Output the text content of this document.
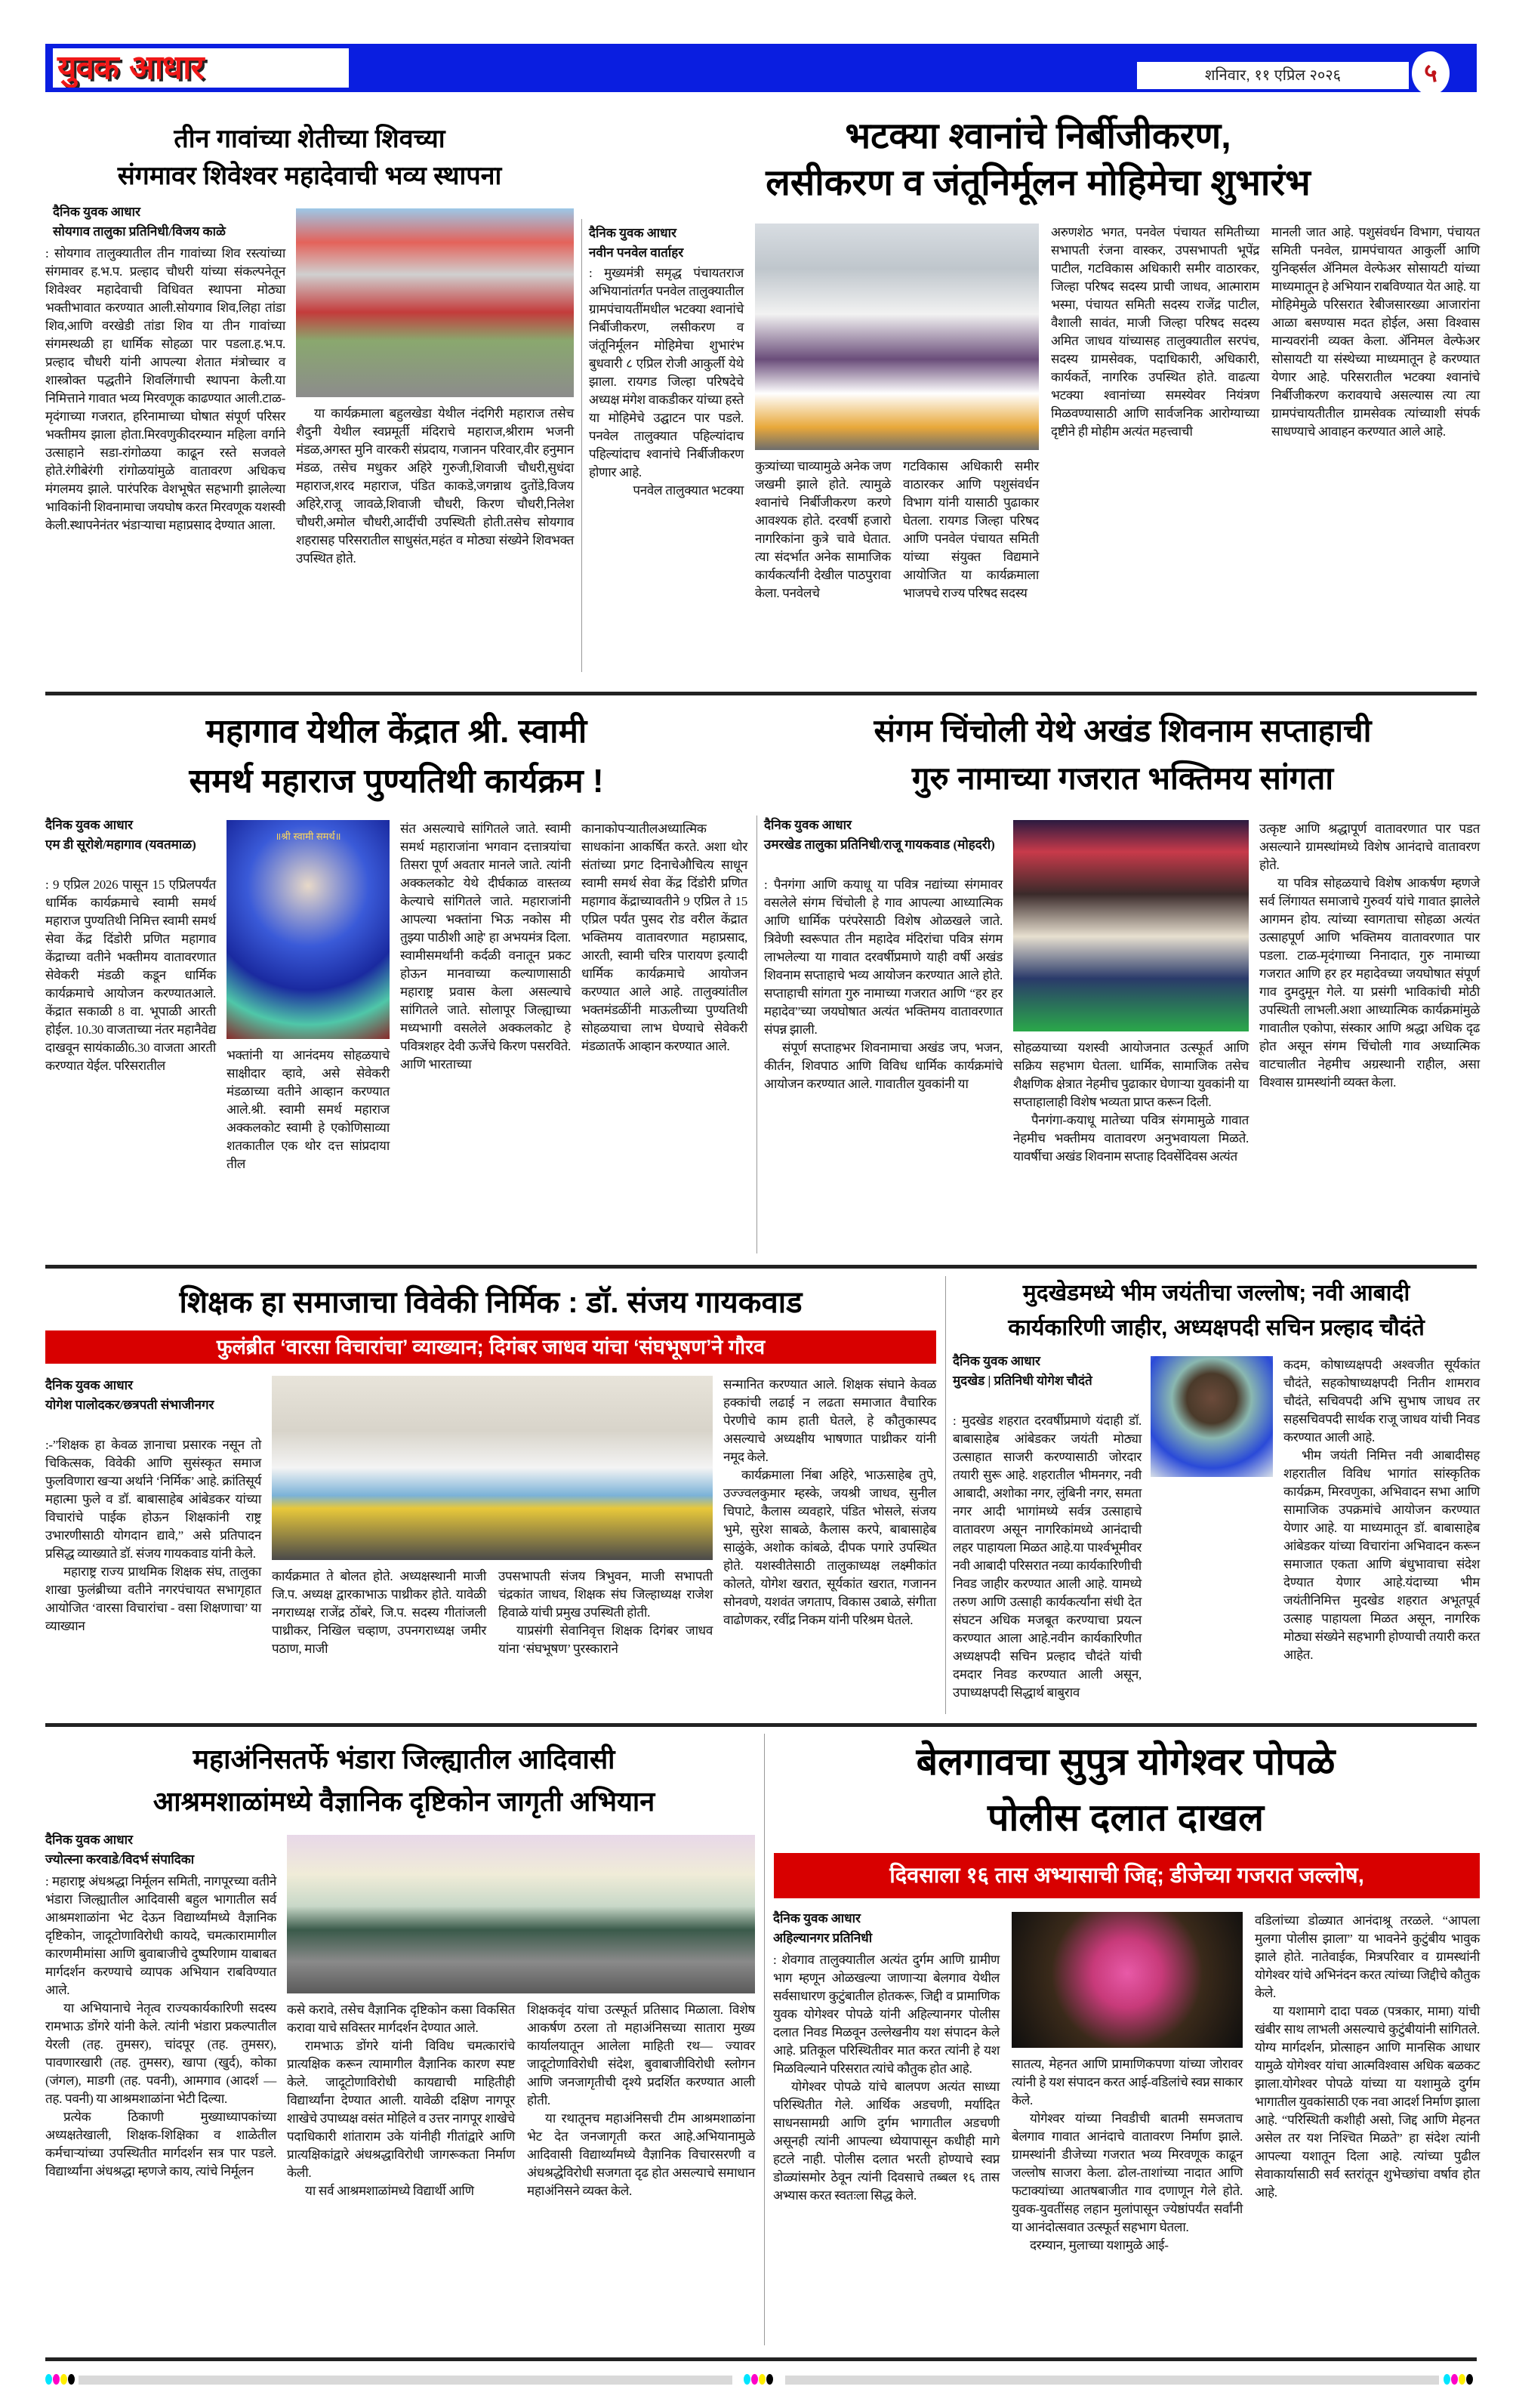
युवक आधार	शनिवार, ११ एप्रिल २०२६	५
तीन गावांच्या शेतीच्या शिवच्या
संगमावर शिवेश्वर महादेवाची भव्य स्थापना
दैनिक युवक आधार
सोयगाव तालुका प्रतिनिधी/विजय काळे

: सोयगाव तालुक्यातील तीन गावांच्या शिव रस्त्यांच्या संगमावर ह.भ.प. प्रल्हाद चौधरी यांच्या संकल्पनेतून शिवेश्वर महादेवाची विधिवत स्थापना मोठ्या भक्तीभावात करण्यात आली.सोयगाव शिव,लिहा तांडा शिव,आणि वरखेडी तांडा शिव या तीन गावांच्या संगमस्थळी हा धार्मिक सोहळा पार पडला.ह.भ.प. प्रल्हाद चौधरी यांनी आपल्या शेतात मंत्रोच्चार व शास्त्रोक्त पद्धतीने शिवलिंगाची स्थापना केली.या निमित्ताने गावात भव्य मिरवणूक काढण्यात आली.टाळ-मृदंगाच्या गजरात, हरिनामाच्या घोषात संपूर्ण परिसर भक्तीमय झाला होता.मिरवणुकीदरम्यान महिला वर्गाने उत्साहाने सडा-रांगोळया काढून रस्ते सजवले होते.रंगीबेरंगी रांगोळयांमुळे वातावरण अधिकच मंगलमय झाले. पारंपरिक वेशभूषेत सहभागी झालेल्या भाविकांनी शिवनामाचा जयघोष करत मिरवणूक यशस्वी केली.स्थापनेनंतर भंडाऱ्याचा महाप्रसाद देण्यात आला.

या कार्यक्रमाला बहुलखेडा येथील नंदगिरी महाराज तसेच शैदुनी येथील स्वप्नमूर्ती मंदिराचे महाराज,श्रीराम भजनी मंडळ,अगस्त मुनि वारकरी संप्रदाय, गजानन परिवार,वीर हनुमान मंडळ, तसेच मधुकर अहिरे गुरुजी,शिवाजी चौधरी,सुधंदा महाराज,शरद महाराज, पंडित काकडे,जगन्नाथ दुतोंडे,विजय अहिरे,राजू जावळे,शिवाजी चौधरी, किरण चौधरी,निलेश चौधरी,अमोल चौधरी,आदींची उपस्थिती होती.तसेच सोयगाव शहरासह परिसरातील साधुसंत,महंत व मोठ्या संख्येने शिवभक्त उपस्थित होते.

भटक्या श्वानांचे निर्बीजीकरण,
लसीकरण व जंतूनिर्मूलन मोहिमेचा शुभारंभ
दैनिक युवक आधार
नवीन पनवेल वार्ताहर

: मुख्यमंत्री समृद्ध पंचायतराज अभियानांतर्गत पनवेल तालुक्यातील ग्रामपंचायतींमधील भटक्या श्वानांचे निर्बीजीकरण, लसीकरण व जंतूनिर्मूलन मोहिमेचा शुभारंभ बुधवारी ८ एप्रिल रोजी आकुर्ली येथे झाला. रायगड जिल्हा परिषदेचे अध्यक्ष मंगेश वाकडीकर यांच्या हस्ते या मोहिमेचे उद्घाटन पार पडले. पनवेल तालुक्यात पहिल्यांदाच पहिल्यांदाच श्वानांचे निर्बीजीकरण होणार आहे.

पनवेल तालुक्यात भटक्या

कुत्र्यांच्या चाव्यामुळे अनेक जण जखमी झाले होते. त्यामुळे श्वानांचे निर्बीजीकरण करणे आवश्यक होते. दरवर्षी हजारो नागरिकांना कुत्रे चावे घेतात. त्या संदर्भात अनेक सामाजिक कार्यकर्त्यांनी देखील पाठपुरावा केला. पनवेलचे

गटविकास अधिकारी समीर वाठारकर आणि पशुसंवर्धन विभाग यांनी यासाठी पुढाकार घेतला. रायगड जिल्हा परिषद आणि पनवेल पंचायत समिती यांच्या संयुक्त विद्यमाने आयोजित या कार्यक्रमाला भाजपचे राज्य परिषद सदस्य

अरुणशेठ भगत, पनवेल पंचायत समितीच्या सभापती रंजना वास्कर, उपसभापती भूपेंद्र पाटील, गटविकास अधिकारी समीर वाठारकर, जिल्हा परिषद सदस्य प्राची जाधव, आत्माराम भस्मा, पंचायत समिती सदस्य राजेंद्र पाटील, वैशाली सावंत, माजी जिल्हा परिषद सदस्य अमित जाधव यांच्यासह तालुक्यातील सरपंच, सदस्य ग्रामसेवक, पदाधिकारी, अधिकारी, कार्यकर्ते, नागरिक उपस्थित होते. वाढत्या भटक्या श्वानांच्या समस्येवर नियंत्रण मिळवण्यासाठी आणि सार्वजनिक आरोग्याच्या दृष्टीने ही मोहीम अत्यंत महत्त्वाची

मानली जात आहे. पशुसंवर्धन विभाग, पंचायत समिती पनवेल, ग्रामपंचायत आकुर्ली आणि युनिव्हर्सल ॲनिमल वेल्फेअर सोसायटी यांच्या माध्यमातून हे अभियान राबविण्यात येत आहे. या मोहिमेमुळे परिसरात रेबीजसारख्या आजारांना आळा बसण्यास मदत होईल, असा विश्वास मान्यवरांनी व्यक्त केला. ॲनिमल वेल्फेअर सोसायटी या संस्थेच्या माध्यमातून हे करण्यात येणार आहे. परिसरातील भटक्या श्वानांचे निर्बीजीकरण करावयाचे असल्यास त्या त्या ग्रामपंचायतीतील ग्रामसेवक त्यांच्याशी संपर्क साधण्याचे आवाहन करण्यात आले आहे.

महागाव येथील केंद्रात श्री. स्वामी
समर्थ महाराज पुण्यतिथी कार्यक्रम !
दैनिक युवक आधार
एम डी सूरोशे/महागाव (यवतमाळ)

: 9 एप्रिल 2026 पासून 15 एप्रिलपर्यंत धार्मिक कार्यक्रमाचे स्वामी समर्थ महाराज पुण्यतिथी निमित्त स्वामी समर्थ सेवा केंद्र दिंडोरी प्रणित महागाव केंद्राच्या वतीने भक्तीमय वातावरणात सेवेकरी मंडळी कडून धार्मिक कार्यक्रमाचे आयोजन करण्यातआले. केंद्रात सकाळी 8 वा. भूपाळी आरती होईल. 10.30 वाजताच्या नंतर महानैवेद्य दाखवून सायंकाळी6.30 वाजता आरती करण्यात येईल. परिसरातील

॥श्री स्वामी समर्थ॥

भक्तांनी या आनंदमय सोहळयाचे साक्षीदार व्हावे, असे सेवेकरी मंडळाच्या वतीने आव्हान करण्यात आले.श्री. स्वामी समर्थ महाराज अक्कलकोट स्वामी हे एकोणिसाव्या शतकातील एक थोर दत्त सांप्रदाया तील

संत असल्याचे सांगितले जाते. स्वामी समर्थ महाराजांना भगवान दत्तात्रयांचा तिसरा पूर्ण अवतार मानले जाते. त्यांनी अक्कलकोट येथे दीर्घकाळ वास्तव्य केल्याचे सांगितले जाते. महाराजांनी आपल्या भक्तांना भिऊ नकोस मी तुझ्या पाठीशी आहे' हा अभयमंत्र दिला. स्वामीसमर्थांनी कर्दळी वनातून प्रकट होऊन मानवाच्या कल्याणासाठी महाराष्ट्र प्रवास केला असल्याचे सांगितले जाते. सोलापूर जिल्ह्याच्या मध्यभागी वसलेले अक्कलकोट हे पवित्रशहर देवी ऊर्जेचे किरण पसरविते. आणि भारताच्या

कानाकोपऱ्यातीलअध्यात्मिक साधकांना आकर्षित करते. अशा थोर संतांच्या प्रगट दिनाचेऔचित्य साधून स्वामी समर्थ सेवा केंद्र दिंडोरी प्रणित महागाव केंद्राच्यावतीने 9 एप्रिल ते 15 एप्रिल पर्यंत पुसद रोड वरील केंद्रात भक्तिमय वातावरणात महाप्रसाद, आरती, स्वामी चरित्र पारायण इत्यादी धार्मिक कार्यक्रमाचे आयोजन करण्यात आले आहे. तालुक्यांतील भक्तमंडळींनी माऊलीच्या पुण्यतिथी सोहळयाचा लाभ घेण्याचे सेवेकरी मंडळातर्फे आव्हान करण्यात आले.

संगम चिंचोली येथे अखंड शिवनाम सप्ताहाची
गुरु नामाच्या गजरात भक्तिमय सांगता
दैनिक युवक आधार
उमरखेड तालुका प्रतिनिधी/राजू गायकवाड (मोहदरी)

: पैनगंगा आणि कयाधू या पवित्र नद्यांच्या संगमावर वसलेले संगम चिंचोली हे गाव आपल्या आध्यात्मिक आणि धार्मिक परंपरेसाठी विशेष ओळखले जाते. त्रिवेणी स्वरूपात तीन महादेव मंदिरांचा पवित्र संगम लाभलेल्या या गावात दरवर्षीप्रमाणे याही वर्षी अखंड शिवनाम सप्ताहाचे भव्य आयोजन करण्यात आले होते. सप्ताहाची सांगता गुरु नामाच्या गजरात आणि “हर हर महादेव”च्या जयघोषात अत्यंत भक्तिमय वातावरणात संपन्न झाली.

संपूर्ण सप्ताहभर शिवनामाचा अखंड जप, भजन, कीर्तन, शिवपाठ आणि विविध धार्मिक कार्यक्रमांचे आयोजन करण्यात आले. गावातील युवकांनी या

सोहळयाच्या यशस्वी आयोजनात उत्स्फूर्त आणि सक्रिय सहभाग घेतला. धार्मिक, सामाजिक तसेच शैक्षणिक क्षेत्रात नेहमीच पुढाकार घेणाऱ्या युवकांनी या सप्ताहालाही विशेष भव्यता प्राप्त करून दिली.

पैनगंगा-कयाधू मातेच्या पवित्र संगमामुळे गावात नेहमीच भक्तीमय वातावरण अनुभवायला मिळते. यावर्षीचा अखंड शिवनाम सप्ताह दिवसेंदिवस अत्यंत

उत्कृष्ट आणि श्रद्धापूर्ण वातावरणात पार पडत असल्याने ग्रामस्थांमध्ये विशेष आनंदाचे वातावरण होते.

या पवित्र सोहळयाचे विशेष आकर्षण म्हणजे सर्व लिंगायत समाजाचे गुरुवर्य यांचे गावात झालेले आगमन होय. त्यांच्या स्वागताचा सोहळा अत्यंत उत्साहपूर्ण आणि भक्तिमय वातावरणात पार पडला. टाळ-मृदंगाच्या निनादात, गुरु नामाच्या गजरात आणि हर हर महादेवच्या जयघोषात संपूर्ण गाव दुमदुमून गेले. या प्रसंगी भाविकांची मोठी उपस्थिती लाभली.अशा आध्यात्मिक कार्यक्रमांमुळे गावातील एकोपा, संस्कार आणि श्रद्धा अधिक दृढ होत असून संगम चिंचोली गाव अध्यात्मिक वाटचालीत नेहमीच अग्रस्थानी राहील, असा विश्वास ग्रामस्थांनी व्यक्त केला.

शिक्षक हा समाजाचा विवेकी निर्मिक : डॉ. संजय गायकवाड
फुलंब्रीत ‘वारसा विचारांचा’ व्याख्यान; दिगंबर जाधव यांचा ‘संघभूषण’ने गौरव
दैनिक युवक आधार
योगेश पालोदकर/छत्रपती संभाजीनगर

:-”शिक्षक हा केवळ ज्ञानाचा प्रसारक नसून तो चिकित्सक, विवेकी आणि सुसंस्कृत समाज फुलविणारा खऱ्या अर्थाने ‘निर्मिक’ आहे. क्रांतिसूर्य महात्मा फुले व डॉ. बाबासाहेब आंबेडकर यांच्या विचारांचे पाईक होऊन शिक्षकांनी राष्ट्र उभारणीसाठी योगदान द्यावे,” असे प्रतिपादन प्रसिद्ध व्याख्याते डॉ. संजय गायकवाड यांनी केले.

महाराष्ट्र राज्य प्राथमिक शिक्षक संघ, तालुका शाखा फुलंब्रीच्या वतीने नगरपंचायत सभागृहात आयोजित ‘वारसा विचारांचा - वसा शिक्षणाचा’ या व्याख्यान

कार्यक्रमात ते बोलत होते. अध्यक्षस्थानी माजी जि.प. अध्यक्ष द्वारकाभाऊ पाथ्रीकर होते. यावेळी नगराध्यक्ष राजेंद्र ठोंबरे, जि.प. सदस्य गीतांजली पाथ्रीकर, निखिल चव्हाण, उपनगराध्यक्ष जमीर पठाण, माजी

उपसभापती संजय त्रिभुवन, माजी सभापती चंद्रकांत जाधव, शिक्षक संघ जिल्हाध्यक्ष राजेश हिवाळे यांची प्रमुख उपस्थिती होती.

याप्रसंगी सेवानिवृत्त शिक्षक दिगंबर जाधव यांना ‘संघभूषण’ पुरस्काराने

सन्मानित करण्यात आले. शिक्षक संघाने केवळ हक्कांची लढाई न लढता समाजात वैचारिक पेरणीचे काम हाती घेतले, हे कौतुकास्पद असल्याचे अध्यक्षीय भाषणात पाथ्रीकर यांनी नमूद केले.

कार्यक्रमाला निंबा अहिरे, भाऊसाहेब तुपे, उज्ज्वलकुमार म्हस्के, जयश्री जाधव, सुनील चिपाटे, कैलास व्यवहारे, पंडित भोसले, संजय भुमे, सुरेश साबळे, कैलास करपे, बाबासाहेब साळुंके, अशोक कांबळे, दीपक पगारे उपस्थित होते. यशस्वीतेसाठी तालुकाध्यक्ष लक्ष्मीकांत कोलते, योगेश खरात, सूर्यकांत खरात, गजानन सोनवणे, यशवंत जगताप, विकास उबाळे, संगीता वाढोणकर, रवींद्र निकम यांनी परिश्रम घेतले.

मुदखेडमध्ये भीम जयंतीचा जल्लोष; नवी आबादी
कार्यकारिणी जाहीर, अध्यक्षपदी सचिन प्रल्हाद चौदंते
दैनिक युवक आधार
मुदखेड | प्रतिनिधी योगेश चौदंते

: मुदखेड शहरात दरवर्षीप्रमाणे यंदाही डॉ. बाबासाहेब आंबेडकर जयंती मोठ्या उत्साहात साजरी करण्यासाठी जोरदार तयारी सुरू आहे. शहरातील भीमनगर, नवी आबादी, अशोका नगर, लुंबिनी नगर, समता नगर आदी भागांमध्ये सर्वत्र उत्साहाचे वातावरण असून नागरिकांमध्ये आनंदाची लहर पाहायला मिळत आहे.या पार्श्वभूमीवर नवी आबादी परिसरात नव्या कार्यकारिणीची निवड जाहीर करण्यात आली आहे. यामध्ये तरुण आणि उत्साही कार्यकर्त्यांना संधी देत संघटन अधिक मजबूत करण्याचा प्रयत्न करण्यात आला आहे.नवीन कार्यकारिणीत अध्यक्षपदी सचिन प्रल्हाद चौदंते यांची दमदार निवड करण्यात आली असून, उपाध्यक्षपदी सिद्धार्थ बाबुराव

कदम, कोषाध्यक्षपदी अश्वजीत सूर्यकांत चौदंते, सहकोषाध्यक्षपदी नितीन शामराव चौदंते, सचिवपदी अभि सुभाष जाधव तर सहसचिवपदी सार्थक राजू जाधव यांची निवड करण्यात आली आहे.

भीम जयंती निमित्त नवी आबादीसह शहरातील विविध भागांत सांस्कृतिक कार्यक्रम, मिरवणुका, अभिवादन सभा आणि सामाजिक उपक्रमांचे आयोजन करण्यात येणार आहे. या माध्यमातून डॉ. बाबासाहेब आंबेडकर यांच्या विचारांना अभिवादन करून समाजात एकता आणि बंधुभावाचा संदेश देण्यात येणार आहे.यंदाच्या भीम जयंतीनिमित्त मुदखेड शहरात अभूतपूर्व उत्साह पाहायला मिळत असून, नागरिक मोठ्या संख्येने सहभागी होण्याची तयारी करत आहेत.

महाअंनिसतर्फे भंडारा जिल्ह्यातील आदिवासी
आश्रमशाळांमध्ये वैज्ञानिक दृष्टिकोन जागृती अभियान
दैनिक युवक आधार
ज्योत्स्ना करवाडे/विदर्भ संपादिका

: महाराष्ट्र अंधश्रद्धा निर्मूलन समिती, नागपूरच्या वतीने भंडारा जिल्ह्यातील आदिवासी बहुल भागातील सर्व आश्रमशाळांना भेट देऊन विद्यार्थ्यांमध्ये वैज्ञानिक दृष्टिकोन, जादूटोणाविरोधी कायदे, चमत्कारामागील कारणमीमांसा आणि बुवाबाजीचे दुष्परिणाम याबाबत मार्गदर्शन करण्याचे व्यापक अभियान राबविण्यात आले.

या अभियानाचे नेतृत्व राज्यकार्यकारिणी सदस्य रामभाऊ डोंगरे यांनी केले. त्यांनी भंडारा प्रकल्पातील येरली (तह. तुमसर), चांदपूर (तह. तुमसर), पावणारखारी (तह. तुमसर), खापा (खुर्द), कोका (जंगल), माडगी (तह. पवनी), आमगाव (आदर्श — तह. पवनी) या आश्रमशाळांना भेटी दिल्या.

प्रत्येक ठिकाणी मुख्याध्यापकांच्या अध्यक्षतेखाली, शिक्षक-शिक्षिका व शाळेतील कर्मचाऱ्यांच्या उपस्थितीत मार्गदर्शन सत्र पार पडले. विद्यार्थ्यांना अंधश्रद्धा म्हणजे काय, त्यांचे निर्मूलन

कसे करावे, तसेच वैज्ञानिक दृष्टिकोन कसा विकसित करावा याचे सविस्तर मार्गदर्शन देण्यात आले.

रामभाऊ डोंगरे यांनी विविध चमत्कारांचे प्रात्यक्षिक करून त्यामागील वैज्ञानिक कारण स्पष्ट केले. जादूटोणाविरोधी कायद्याची माहितीही विद्यार्थ्यांना देण्यात आली. यावेळी दक्षिण नागपूर शाखेचे उपाध्यक्ष वसंत मोहिले व उत्तर नागपूर शाखेचे पदाधिकारी शांताराम उके यांनीही गीतांद्वारे आणि प्रात्यक्षिकांद्वारे अंधश्रद्धाविरोधी जागरूकता निर्माण केली.

या सर्व आश्रमशाळांमध्ये विद्यार्थी आणि

शिक्षकवृंद यांचा उत्स्फूर्त प्रतिसाद मिळाला. विशेष आकर्षण ठरला तो महाअंनिसच्या सातारा मुख्य कार्यालयातून आलेला माहिती रथ— ज्यावर जादूटोणाविरोधी संदेश, बुवाबाजीविरोधी स्लोगन आणि जनजागृतीची दृश्ये प्रदर्शित करण्यात आली होती.

या रथातूनच महाअंनिसची टीम आश्रमशाळांना भेट देत जनजागृती करत आहे.अभियानामुळे आदिवासी विद्यार्थ्यांमध्ये वैज्ञानिक विचारसरणी व अंधश्रद्धेविरोधी सजगता दृढ होत असल्याचे समाधान महाअंनिसने व्यक्त केले.

बेलगावचा सुपुत्र योगेश्वर पोपळे
पोलीस दलात दाखल
दिवसाला १६ तास अभ्यासाची जिद्द; डीजेच्या गजरात जल्लोष,
दैनिक युवक आधार
अहिल्यानगर प्रतिनिधी

: शेवगाव तालुक्यातील अत्यंत दुर्गम आणि ग्रामीण भाग म्हणून ओळखल्या जाणाऱ्या बेलगाव येथील सर्वसाधारण कुटुंबातील होतकरू, जिद्दी व प्रामाणिक युवक योगेश्वर पोपळे यांनी अहिल्यानगर पोलीस दलात निवड मिळवून उल्लेखनीय यश संपादन केले आहे. प्रतिकूल परिस्थितीवर मात करत त्यांनी हे यश मिळविल्याने परिसरात त्यांचे कौतुक होत आहे.

योगेश्वर पोपळे यांचे बालपण अत्यंत साध्या परिस्थितीत गेले. आर्थिक अडचणी, मर्यादित साधनसामग्री आणि दुर्गम भागातील अडचणी असूनही त्यांनी आपल्या ध्येयापासून कधीही मागे हटले नाही. पोलीस दलात भरती होण्याचे स्वप्न डोळ्यांसमोर ठेवून त्यांनी दिवसाचे तब्बल १६ तास अभ्यास करत स्वतःला सिद्ध केले.

सातत्य, मेहनत आणि प्रामाणिकपणा यांच्या जोरावर त्यांनी हे यश संपादन करत आई-वडिलांचे स्वप्न साकार केले.

योगेश्वर यांच्या निवडीची बातमी समजताच बेलगाव गावात आनंदाचे वातावरण निर्माण झाले. ग्रामस्थांनी डीजेच्या गजरात भव्य मिरवणूक काढून जल्लोष साजरा केला. ढोल-ताशांच्या नादात आणि फटाक्यांच्या आतषबाजीत गाव दणाणून गेले होते. युवक-युवतींसह लहान मुलांपासून ज्येष्ठांपर्यंत सर्वांनी या आनंदोत्सवात उत्स्फूर्त सहभाग घेतला.

दरम्यान, मुलाच्या यशामुळे आई-

वडिलांच्या डोळ्यात आनंदाश्रू तरळले. “आपला मुलगा पोलीस झाला” या भावनेने कुटुंबीय भावुक झाले होते. नातेवाईक, मित्रपरिवार व ग्रामस्थांनी योगेश्वर यांचे अभिनंदन करत त्यांच्या जिद्दीचे कौतुक केले.

या यशामागे दादा पवळ (पत्रकार, मामा) यांची खंबीर साथ लाभली असल्याचे कुटुंबीयांनी सांगितले. योग्य मार्गदर्शन, प्रोत्साहन आणि मानसिक आधार यामुळे योगेश्वर यांचा आत्मविश्वास अधिक बळकट झाला.योगेश्वर पोपळे यांच्या या यशामुळे दुर्गम भागातील युवकांसाठी एक नवा आदर्श निर्माण झाला आहे. “परिस्थिती कशीही असो, जिद्द आणि मेहनत असेल तर यश निश्चित मिळते” हा संदेश त्यांनी आपल्या यशातून दिला आहे. त्यांच्या पुढील सेवाकार्यासाठी सर्व स्तरांतून शुभेच्छांचा वर्षाव होत आहे.
